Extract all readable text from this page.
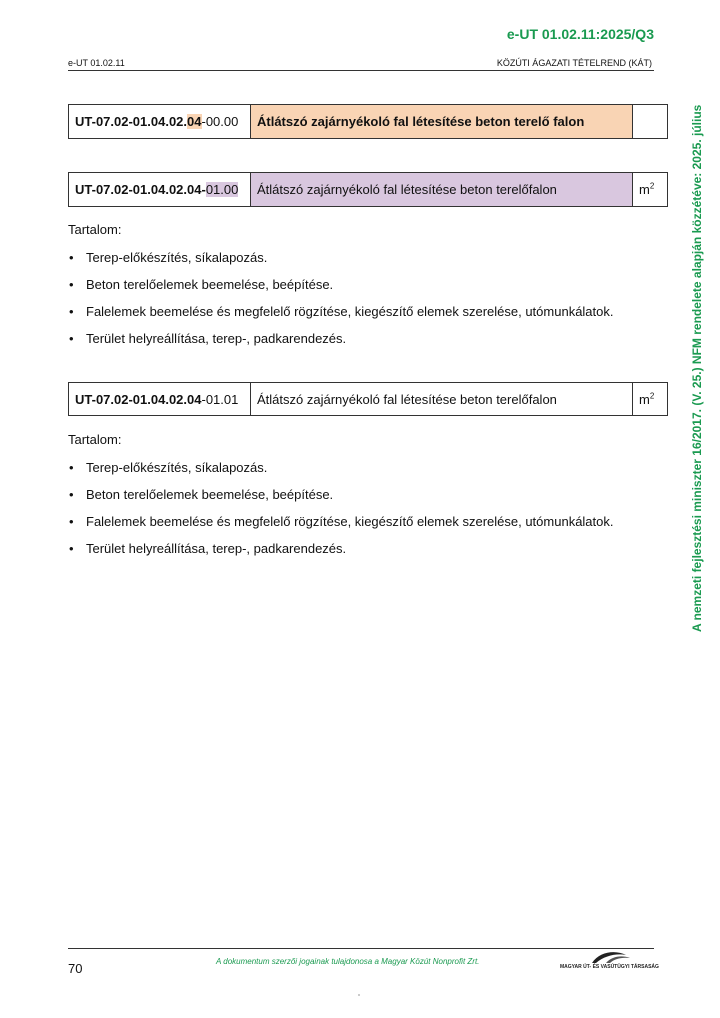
e-UT 01.02.11:2025/Q3
e-UT 01.02.11	KÖZÚTI ÁGAZATI TÉTELREND (KÁT)
A nemzeti fejlesztési miniszter 16/2017. (V. 25.) NFM rendelete alapján közzétéve: 2025. július
UT-07.02-01.04.02.04-00.00	Átlátszó zajárnyékoló fal létesítése beton terelő falon	
UT-07.02-01.04.02.04-01.00	Átlátszó zajárnyékoló fal létesítése beton terelőfalon	$m^2$
Tartalom:
• Terep-előkészítés, síkalapozás.
• Beton terelőelemek beemelése, beépítése.
• Falelemek beemelése és megfelelő rögzítése, kiegészítő elemek szerelése, utómunkálatok.
• Terület helyreállítása, terep-, padkarendezés.
UT-07.02-01.04.02.04-01.01	Átlátszó zajárnyékoló fal létesítése beton terelőfalon	$m^2$
Tartalom:
• Terep-előkészítés, síkalapozás.
• Beton terelőelemek beemelése, beépítése.
• Falelemek beemelése és megfelelő rögzítése, kiegészítő elemek szerelése, utómunkálatok.
• Terület helyreállítása, terep-, padkarendezés.
70	A dokumentum szerzői jogainak tulajdonosa a Magyar Közút Nonprofit Zrt.
MAGYAR ÚT- ÉS VASÚTÜGYI TÁRSASÁG
